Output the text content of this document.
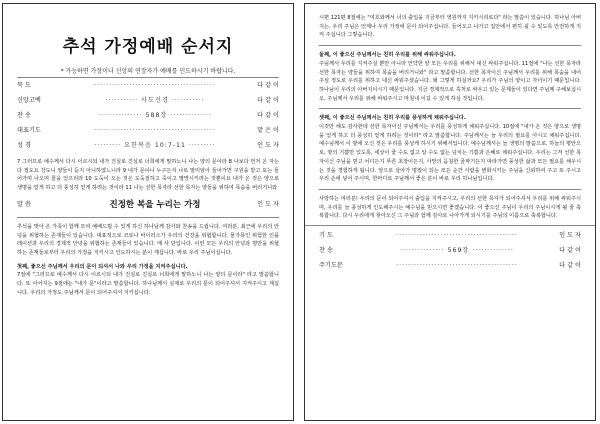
추석 가정예배 순서지
* 가능하면 가장이나 신앙의 연장자가 예배를 인도하시기 바랍니다.
묵 도	·········································	다 같 이
신앙고백	··········· 사도신경 ···········	다 같 이
찬 송	··············· 588장 ··············	다 같 이
대표기도	·········································	맡 은 이
성 경	········· 요한복음 10:7-11 ·········	인 도 자
7 그러므로 예수께서 다시 이르시되 내가 진실로 진실로 너희에게 말하노니 나는 양의 문이라 8 나보다 먼저 온 자는 다 절도요 강도니 양들이 듣지 아니하였느니라 9 내가 문이니 누구든지 나로 말미암아 들어가면 구원을 받고 또는 들어가며 나오며 꼴을 얻으리라 10 도둑이 오는 것은 도둑질하고 죽이고 멸망시키려는 것뿐이요 내가 온 것은 양으로 생명을 얻게 하고 더 풍성히 얻게 하려는 것이라 11 나는 선한 목자라 선한 목자는 양들을 위하여 목숨을 버리거니와
말 씀	진정한 복을 누리는 가정	인 도 자
추석을 맞아 온 가족이 함께 모여 예배드릴 수 있게 하신 하나님께 감사와 찬송을 드립니다. 여러분, 최근에 우리의 안녕을 위협하는 존재들이 있습니다. 대표적으로 코로나 바이러스가 우리의 건강을 위협합니다. 물가폭인 위험한 인플레이션과 우리의 경제적 안녕을 위협하는 존재들이 있습니다. 매 사 단입니다. 이런 모든 우리의 안녕과 평안을 위협하는 존재들로부터 우리의 가정을 지키시고 인도하시는 분이 계십니다. 바로 우리 주님이십니다.
첫째, 좋으신 주님께서 우리의 문이 되셔서 나와 우리 가정을 지켜주십니다.
7절에 "그러므로 예수께서 다시 이르시되 내가 진실로 진실로 너희에게 말하노니 나는 양의 문이라" 라고 말씀합니다. 또 이어지는 9절에는 "내가 문"이라고 말씀합니다. 하나님께서 실제로 우리의 문이 되어주셔서 지켜주시고 계십니다. 우리의 가정도 주님께서 문이 되어주셔서 지키십니다.
시편 121편 8절에는 "여호와께서 너의 출입을 지금부터 영원까지 지키시리로다" 라는 말씀이 있습니다. 하나님 아버지는, 우리 주님은 언제나 우리 가정에 문이 되어주십니다. 들어오고 나가고 집안에서 편히 쉴 수 있도록 안전하게 지켜 주십니다 그렇습니다.
둘째, 이 좋으신 주님께서는 친히 우리를 위해 싸워주십니다.
주님께서 우리를 지켜주실 뿐만 아니라 언약한 양 모든 우리를 위해서 대신 싸워주십니다. 11절에 "나는 선한 목자라 선한 목자는 양들을 위하여 목숨을 버리거니와" 라고 말씀합니다. 선한 목자이신 주님께서 우리를 위해 목숨을 내어주심 정도로 우리를 위하고 대신 싸워주셨습니다. 왜 그렇게 하실까요? 우리가 주님의 양이고 자녀이기 때문입니다. 하나님이 우리의 아버지이시기 때문입니다. 지금 경제적으로 혹처로 싸우고 있는 문제들이 있다면 주님께 구해보십시오. 주님께서 우리를 위해 싸워주시고 마침내 이길 수 있게 하실 것입니다.
셋째, 이 좋으신 주님께서는 친히 우리를 풍성하게 채워주십니다.
이것만 해도 감사한데 선한 목자이신 주님께서는 우리를 풍성하게 채워주십니다. 10절에 "내가 온 것은 양으로 생명을 얻게 하고 더 풍성히 얻게 하려는 것이라" 라고 말씀합니다. 주님께서는 늘 우리의 필요를 아시고 채워주십니다. 예수님께서 이 땅에 오신 것은 우리를 풍성케 하시기 위해서입니다. 예수님께서는 늘 생명의 말씀으로, 하늘의 평안으로, 땅의 기쁨만 있도록, 세상이 줄 수도 없고 알 수도 없는 넘치는 기쁨과 은혜로 채워주십니다. 우리는 그저 선한 목자이신 주님을 믿고 어디든지 푸른 초장이든지, 사망의 음침한 골짜기든지 따라가면 풍성한 삶과 모든 필요를 채우시는 것을 경험하게 됩니다. 앞으로 살아가 명절이 되는 모든 순간 사람을 변화시키는 주님을 신뢰하여 주고 또 주시고 우리 손에 넣어 주시며, 한마디로 주님께서 좋은 분이 바로 우리 하나님입니다.
사랑하는 여러분! 우리의 문이 되어주셔서 출입을 지켜주시고, 우리의 선한 목자가 되어주셔서 우리를 위해 싸워주시며, 우리를 늘 풍성하게 인도해주시는 예수님을 믿으시면 좋겠습니다. 이 좋으신 주님이 우리의 주님이시게 될 줄 축복합니다. 다시 우리에게 찾아오신 그 주님과 함께 감사로 나아가게 되시기를 주님의 이름으로 축복합니다.
기 도	·········································	인 도 자
찬 송	··············· 569장 ··············	다 같 이
주기도문	·········································	다 같 이
